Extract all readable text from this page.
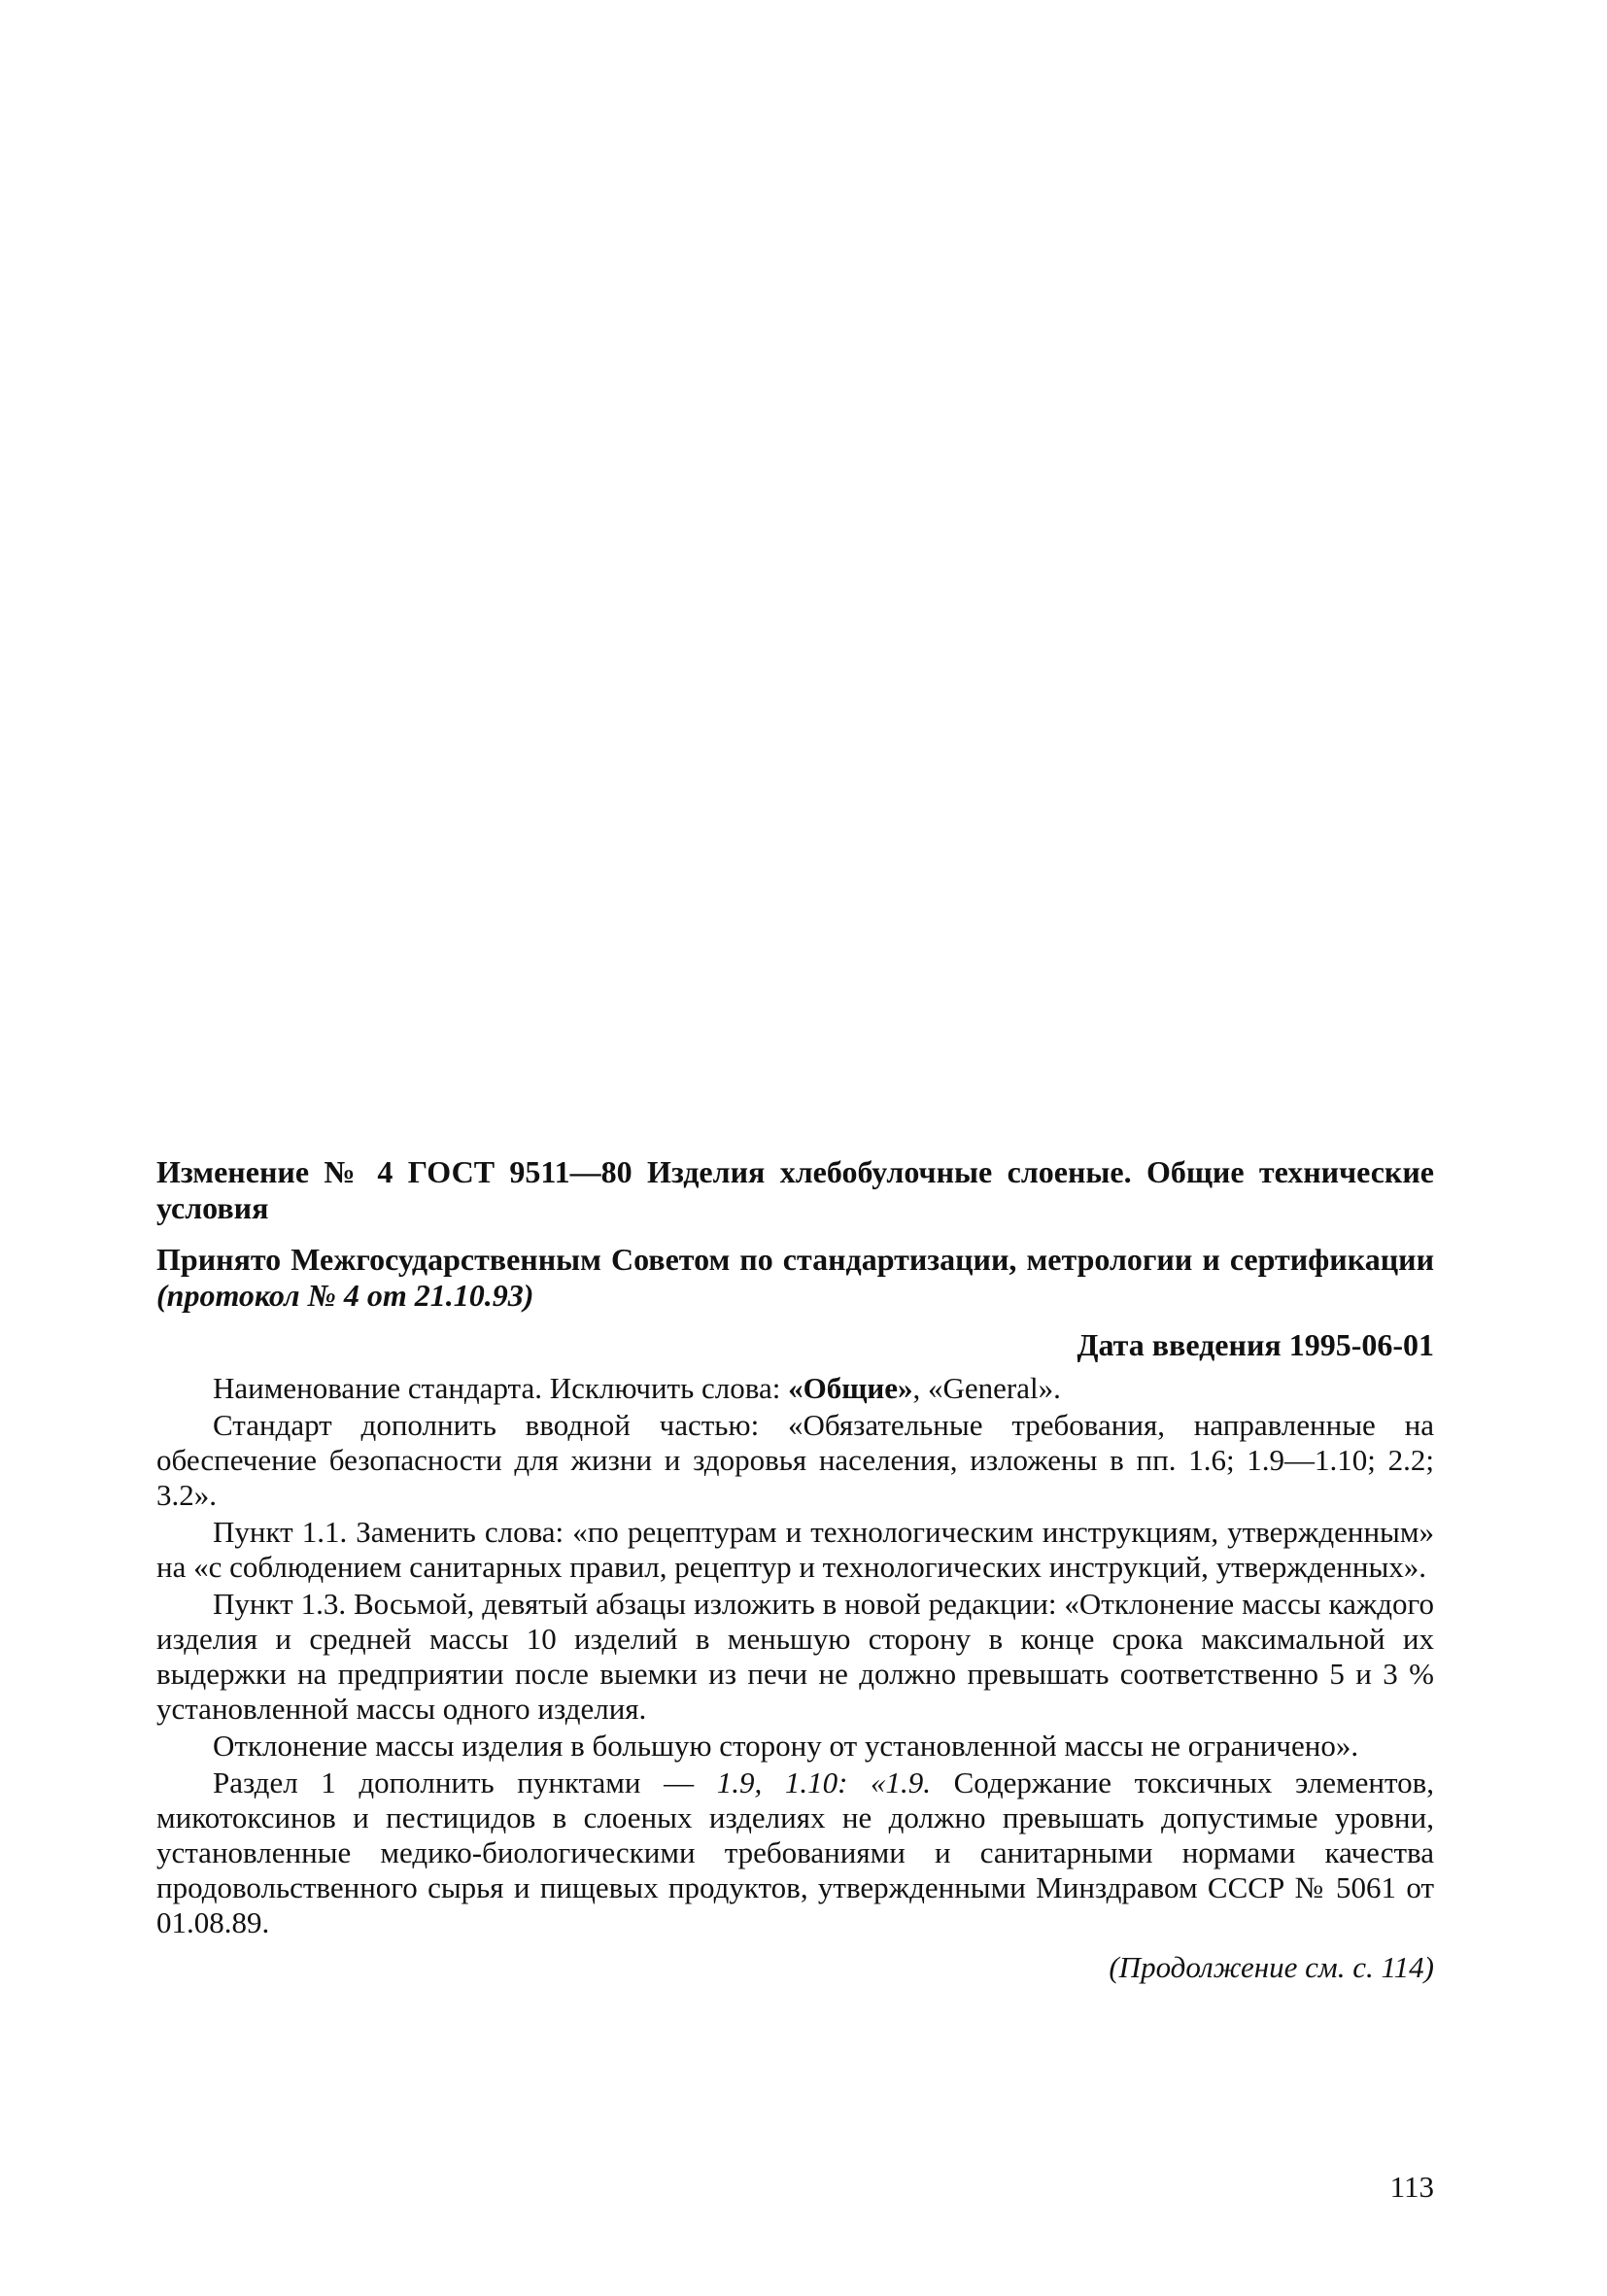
Изменение № 4 ГОСТ 9511—80 Изделия хлебобулочные слоеные. Общие технические условия

Принято Межгосударственным Советом по стандартизации, метрологии и сертификации (протокол № 4 от 21.10.93)

Дата введения 1995-06-01

Наименование стандарта. Исключить слова: «Общие», «General».

Стандарт дополнить вводной частью: «Обязательные требования, направленные на обеспечение безопасности для жизни и здоровья населения, изложены в пп. 1.6; 1.9—1.10; 2.2; 3.2».

Пункт 1.1. Заменить слова: «по рецептурам и технологическим инструкциям, утвержденным» на «с соблюдением санитарных правил, рецептур и технологических инструкций, утвержденных».

Пункт 1.3. Восьмой, девятый абзацы изложить в новой редакции: «Отклонение массы каждого изделия и средней массы 10 изделий в меньшую сторону в конце срока максимальной их выдержки на предприятии после выемки из печи не должно превышать соответственно 5 и 3 % установленной массы одного изделия.

Отклонение массы изделия в большую сторону от установленной массы не ограничено».

Раздел 1 дополнить пунктами — 1.9, 1.10: «1.9. Содержание токсичных элементов, микотоксинов и пестицидов в слоеных изделиях не должно превышать допустимые уровни, установленные медико-биологическими требованиями и санитарными нормами качества продовольственного сырья и пищевых продуктов, утвержденными Минздравом СССР № 5061 от 01.08.89.

(Продолжение см. с. 114)

113
